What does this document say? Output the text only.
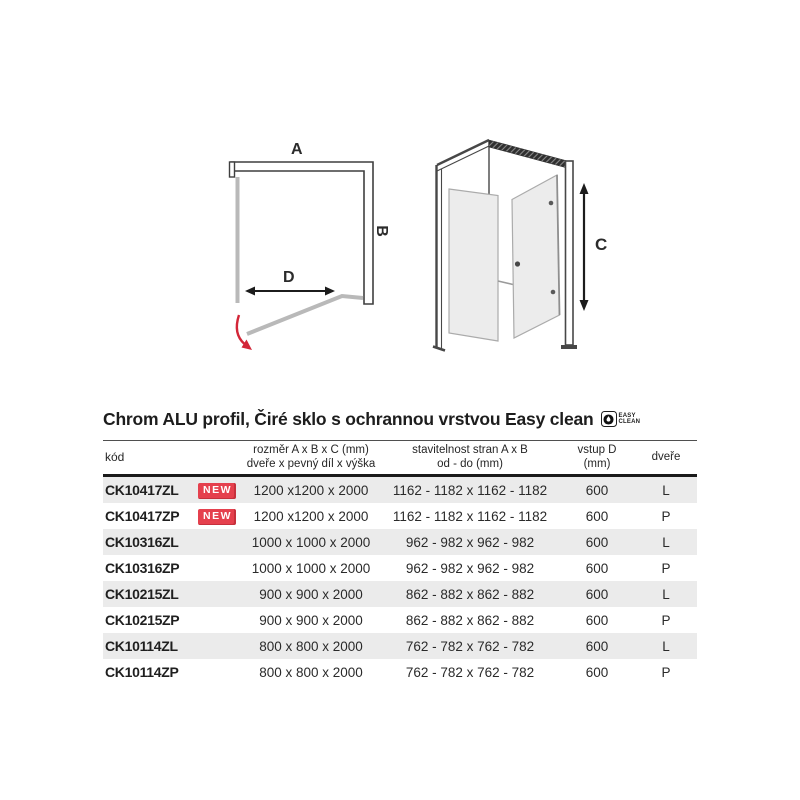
A
B
D
C
Chrom ALU profil, Čiré sklo s ochrannou vrstvou Easy clean	EASY
CLEAN
kód
rozměr A x B x C (mm)
dveře x pevný díl x výška
stavitelnost stran A x B
od - do (mm)
vstup D
(mm)
dveře
CK10417ZL	NEW	1200 x1200 x 2000	1162 - 1182 x 1162 - 1182	600	L
CK10417ZP	NEW	1200 x1200 x 2000	1162 - 1182 x 1162 - 1182	600	P
CK10316ZL	1000 x 1000 x 2000	962 - 982 x 962 - 982	600	L
CK10316ZP	1000 x 1000 x 2000	962 - 982 x 962 - 982	600	P
CK10215ZL	900 x 900 x 2000	862 - 882 x 862 - 882	600	L
CK10215ZP	900 x 900 x 2000	862 - 882 x 862 - 882	600	P
CK10114ZL	800 x 800 x 2000	762 - 782 x 762 - 782	600	L
CK10114ZP	800 x 800 x 2000	762 - 782 x 762 - 782	600	P
